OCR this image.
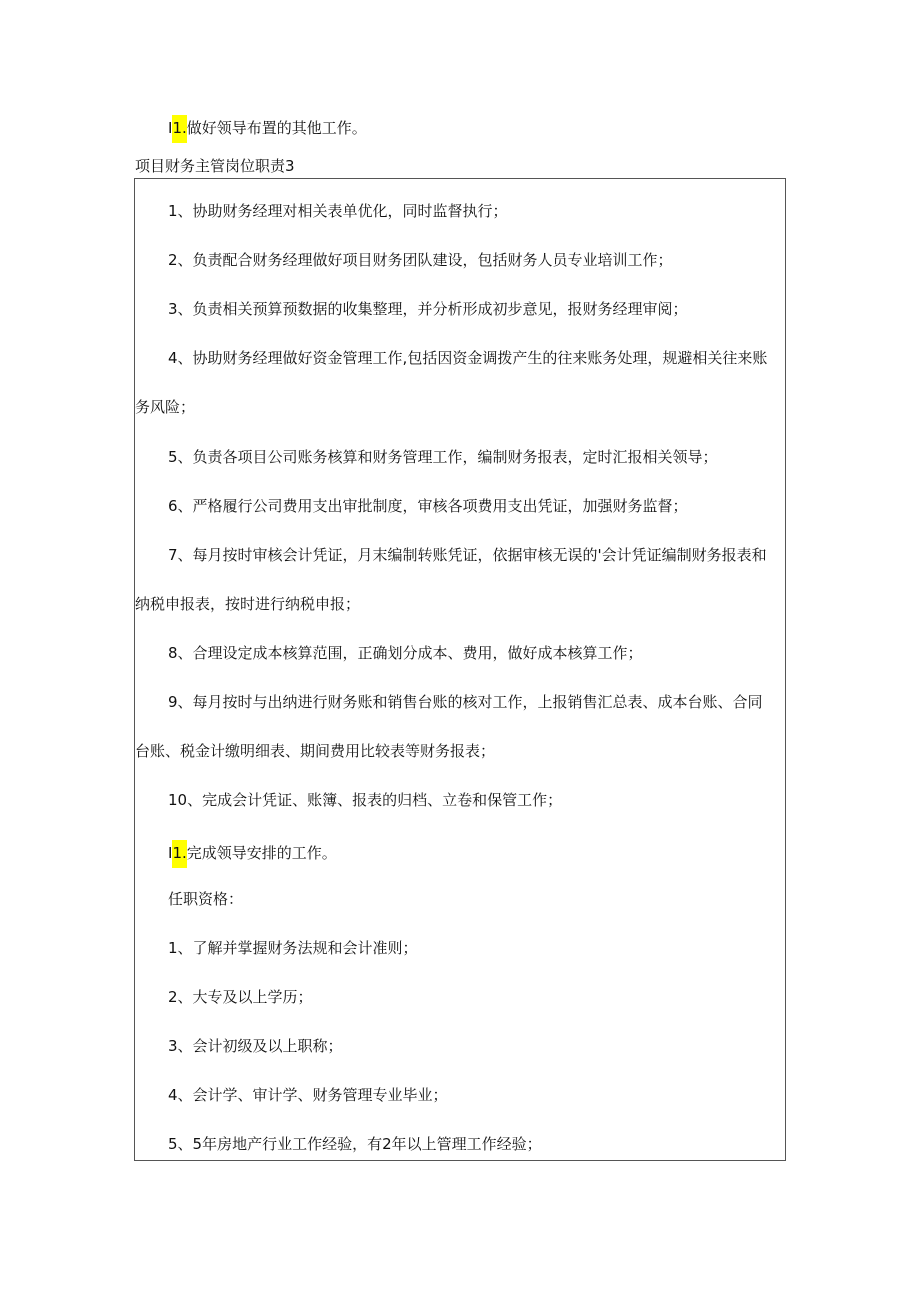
I1.做好领导布置的其他工作。
项目财务主管岗位职责3
1、协助财务经理对相关表单优化，同时监督执行；
2、负责配合财务经理做好项目财务团队建设，包括财务人员专业培训工作；
3、负责相关预算预数据的收集整理，并分析形成初步意见，报财务经理审阅；
4、协助财务经理做好资金管理工作,包括因资金调拨产生的往来账务处理，规避相关往来账
务风险；
5、负责各项目公司账务核算和财务管理工作，编制财务报表，定时汇报相关领导；
6、严格履行公司费用支出审批制度，审核各项费用支出凭证，加强财务监督；
7、每月按时审核会计凭证，月末编制转账凭证，依据审核无误的'会计凭证编制财务报表和
纳税申报表，按时进行纳税申报；
8、合理设定成本核算范围，正确划分成本、费用，做好成本核算工作；
9、每月按时与出纳进行财务账和销售台账的核对工作，上报销售汇总表、成本台账、合同
台账、税金计缴明细表、期间费用比较表等财务报表；
10、完成会计凭证、账簿、报表的归档、立卷和保管工作；
I1.完成领导安排的工作。
任职资格：
1、了解并掌握财务法规和会计准则；
2、大专及以上学历；
3、会计初级及以上职称；
4、会计学、审计学、财务管理专业毕业；
5、5年房地产行业工作经验，有2年以上管理工作经验；
